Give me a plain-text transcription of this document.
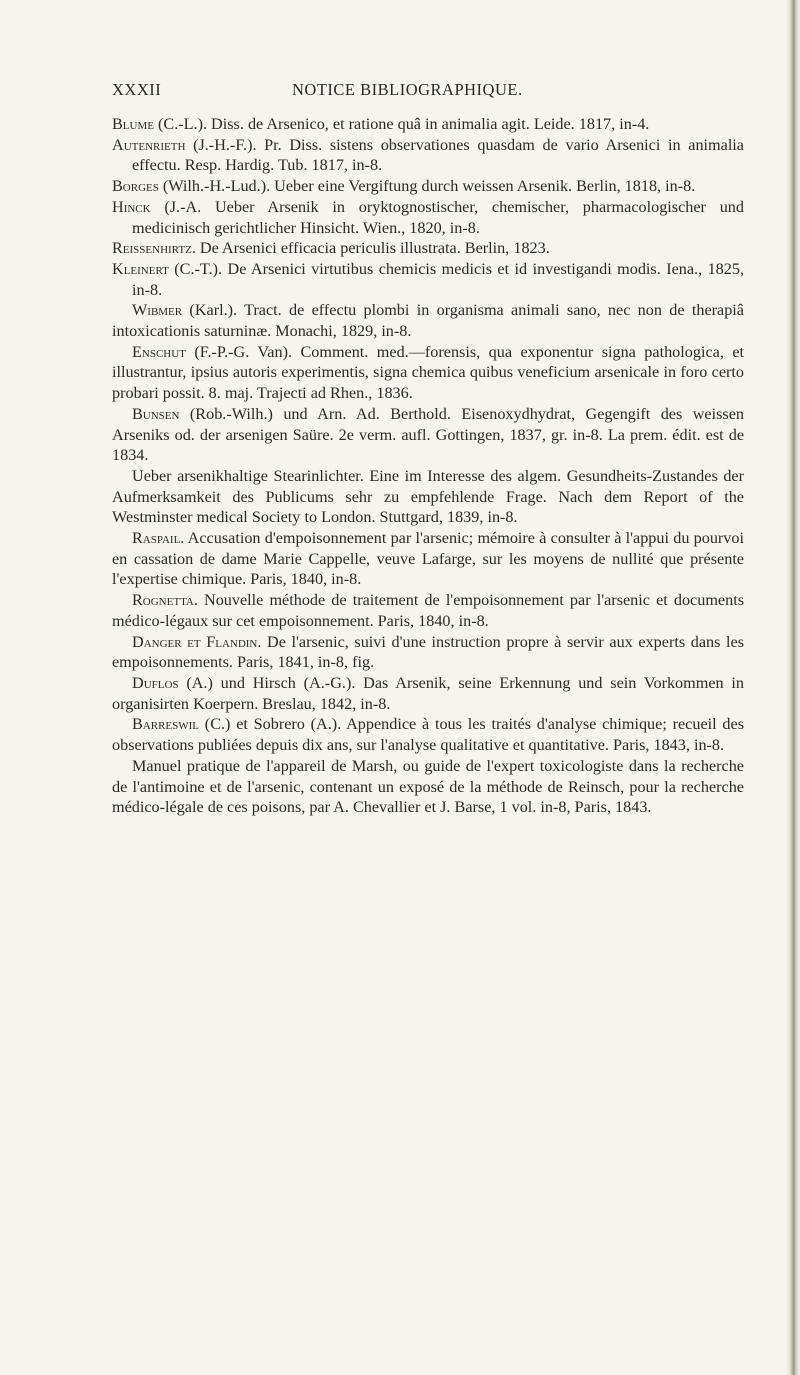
XXXII	NOTICE BIBLIOGRAPHIQUE.

Blume (C.-L.). Diss. de Arsenico, et ratione quâ in animalia agit. Leide. 1817, in-4.

Autenrieth (J.-H.-F.). Pr. Diss. sistens observationes quasdam de vario Arsenici in animalia effectu. Resp. Hardig. Tub. 1817, in-8.

Borges (Wilh.-H.-Lud.). Ueber eine Vergiftung durch weissen Arsenik. Berlin, 1818, in-8.

Hinck (J.-A. Ueber Arsenik in oryktognostischer, chemischer, pharmacologischer und medicinisch gerichtlicher Hinsicht. Wien., 1820, in-8.

Reissenhirtz. De Arsenici efficacia periculis illustrata. Berlin, 1823.

Kleinert (C.-T.). De Arsenici virtutibus chemicis medicis et id investigandi modis. Iena., 1825, in-8.

Wibmer (Karl.). Tract. de effectu plombi in organisma animali sano, nec non de therapiâ intoxicationis saturninæ. Monachi, 1829, in-8.

Enschut (F.-P.-G. Van). Comment. med.—forensis, qua exponentur signa pathologica, et illustrantur, ipsius autoris experimentis, signa chemica quibus veneficium arsenicale in foro certo probari possit. 8. maj. Trajecti ad Rhen., 1836.

Bunsen (Rob.-Wilh.) und Arn. Ad. Berthold. Eisenoxydhydrat, Gegengift des weissen Arseniks od. der arsenigen Saüre. 2e verm. aufl. Gottingen, 1837, gr. in-8. La prem. édit. est de 1834.

Ueber arsenikhaltige Stearinlichter. Eine im Interesse des algem. Gesundheits-Zustandes der Aufmerksamkeit des Publicums sehr zu empfehlende Frage. Nach dem Report of the Westminster medical Society to London. Stuttgard, 1839, in-8.

Raspail. Accusation d'empoisonnement par l'arsenic; mémoire à consulter à l'appui du pourvoi en cassation de dame Marie Cappelle, veuve Lafarge, sur les moyens de nullité que présente l'expertise chimique. Paris, 1840, in-8.

Rognetta. Nouvelle méthode de traitement de l'empoisonnement par l'arsenic et documents médico-légaux sur cet empoisonnement. Paris, 1840, in-8.

Danger et Flandin. De l'arsenic, suivi d'une instruction propre à servir aux experts dans les empoisonnements. Paris, 1841, in-8, fig.

Duflos (A.) und Hirsch (A.-G.). Das Arsenik, seine Erkennung und sein Vorkommen in organisirten Koerpern. Breslau, 1842, in-8.

Barreswil (C.) et Sobrero (A.). Appendice à tous les traités d'analyse chimique; recueil des observations publiées depuis dix ans, sur l'analyse qualitative et quantitative. Paris, 1843, in-8.

Manuel pratique de l'appareil de Marsh, ou guide de l'expert toxicologiste dans la recherche de l'antimoine et de l'arsenic, contenant un exposé de la méthode de Reinsch, pour la recherche médico-légale de ces poisons, par A. Chevallier et J. Barse, 1 vol. in-8, Paris, 1843.
